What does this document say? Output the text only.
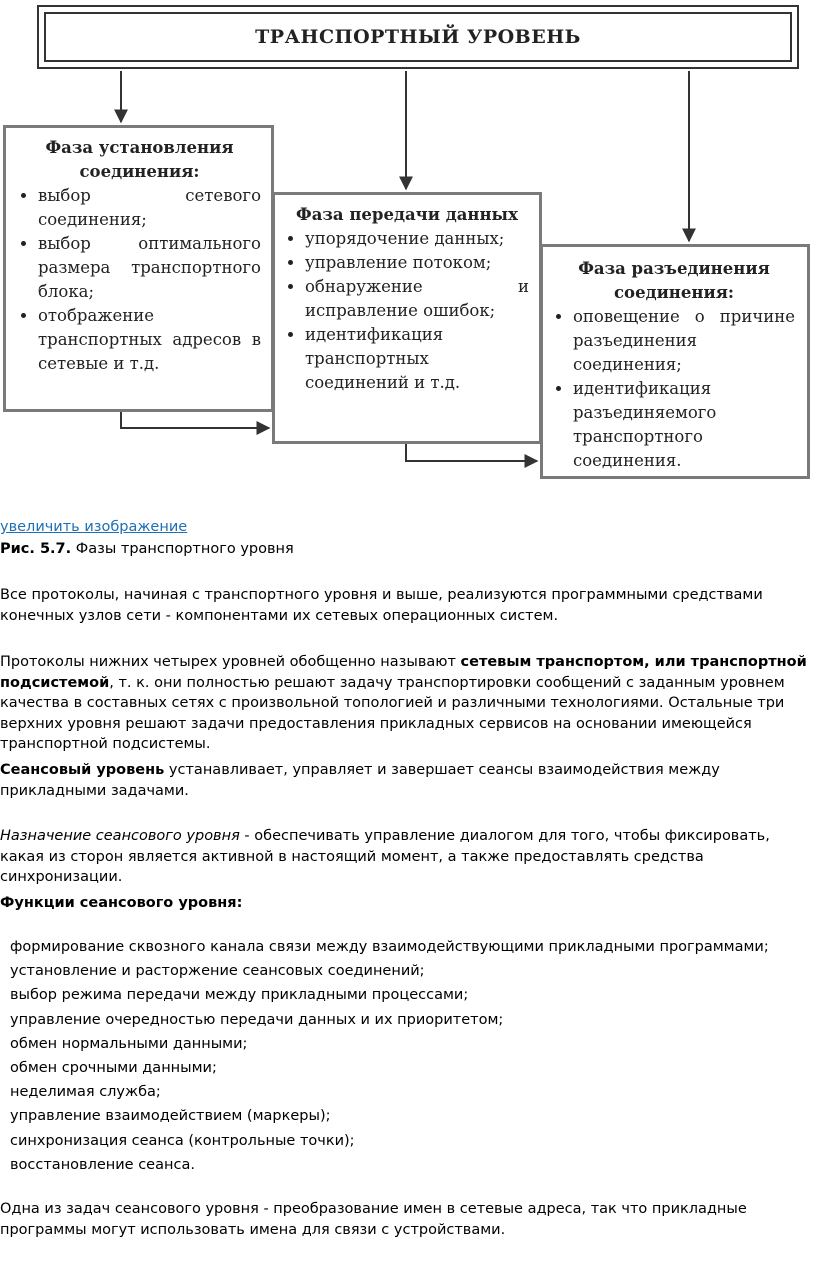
ТРАНСПОРТНЫЙ УРОВЕНЬ
Фаза установления соединения:
• выбор сетевого соединения;
• выбор оптимального размера транспортного блока;
• отображение транспортных адресов в сетевые и т.д.
Фаза передачи данных
• упорядочение данных;
• управление потоком;
• обнаружение и исправление ошибок;
• идентификация транспортных соединений и т.д.
Фаза разъединения соединения:
• оповещение о причине разъединения соединения;
• идентификация разъединяемого транспортного соединения.
увеличить изображение
Рис. 5.7. Фазы транспортного уровня

Все протоколы, начиная с транспортного уровня и выше, реализуются программными средствами конечных узлов сети - компонентами их сетевых операционных систем.

Протоколы нижних четырех уровней обобщенно называют сетевым транспортом, или транспортной подсистемой, т. к. они полностью решают задачу транспортировки сообщений с заданным уровнем качества в составных сетях с произвольной топологией и различными технологиями. Остальные три верхних уровня решают задачи предоставления прикладных сервисов на основании имеющейся транспортной подсистемы.

Сеансовый уровень устанавливает, управляет и завершает сеансы взаимодействия между прикладными задачами.

Назначение сеансового уровня - обеспечивать управление диалогом для того, чтобы фиксировать, какая из сторон является активной в настоящий момент, а также предоставлять средства синхронизации.

Функции сеансового уровня:

формирование сквозного канала связи между взаимодействующими прикладными программами;
установление и расторжение сеансовых соединений;
выбор режима передачи между прикладными процессами;
управление очередностью передачи данных и их приоритетом;
обмен нормальными данными;
обмен срочными данными;
неделимая служба;
управление взаимодействием (маркеры);
синхронизация сеанса (контрольные точки);
восстановление сеанса.

Одна из задач сеансового уровня - преобразование имен в сетевые адреса, так что прикладные программы могут использовать имена для связи с устройствами.
